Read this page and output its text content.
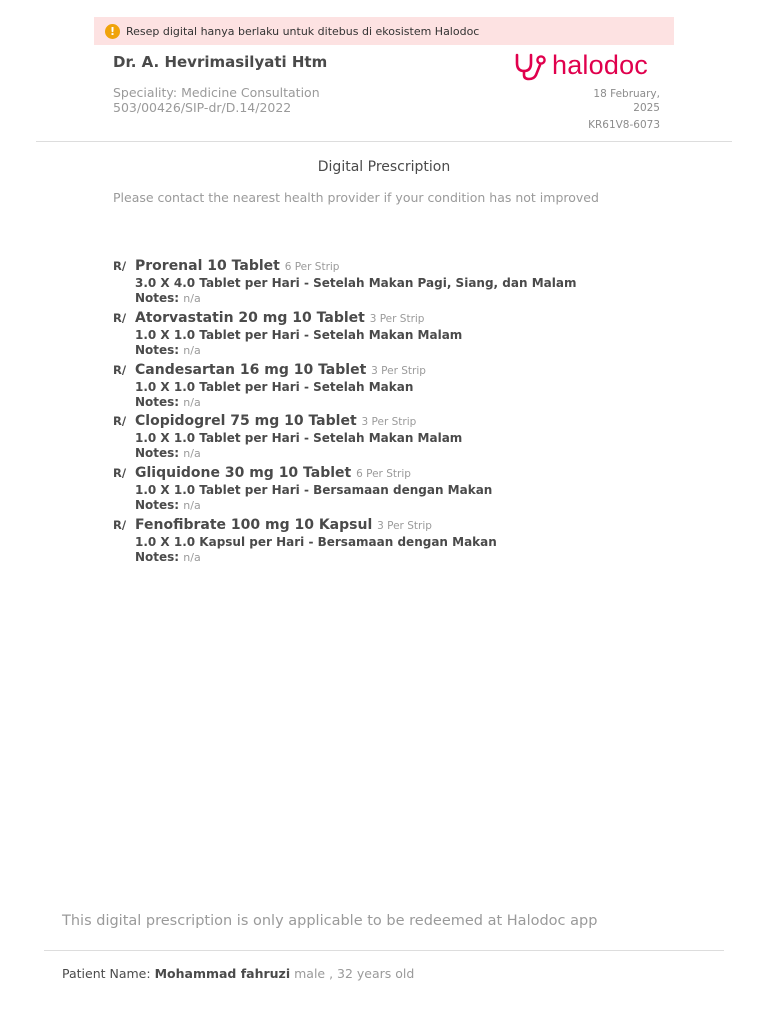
! Resep digital hanya berlaku untuk ditebus di ekosistem Halodoc
Dr. A. Hevrimasilyati Htm	halodoc
Speciality: Medicine Consultation
503/00426/SIP-dr/D.14/2022
18 February,
2025
KR61V8-6073
Digital Prescription
Please contact the nearest health provider if your condition has not improved
R/ Prorenal 10 Tablet 6 Per Strip
3.0 X 4.0 Tablet per Hari - Setelah Makan Pagi, Siang, dan Malam
Notes: n/a
R/ Atorvastatin 20 mg 10 Tablet 3 Per Strip
1.0 X 1.0 Tablet per Hari - Setelah Makan Malam
Notes: n/a
R/ Candesartan 16 mg 10 Tablet 3 Per Strip
1.0 X 1.0 Tablet per Hari - Setelah Makan
Notes: n/a
R/ Clopidogrel 75 mg 10 Tablet 3 Per Strip
1.0 X 1.0 Tablet per Hari - Setelah Makan Malam
Notes: n/a
R/ Gliquidone 30 mg 10 Tablet 6 Per Strip
1.0 X 1.0 Tablet per Hari - Bersamaan dengan Makan
Notes: n/a
R/ Fenofibrate 100 mg 10 Kapsul 3 Per Strip
1.0 X 1.0 Kapsul per Hari - Bersamaan dengan Makan
Notes: n/a
This digital prescription is only applicable to be redeemed at Halodoc app
Patient Name: Mohammad fahruzi male , 32 years old
